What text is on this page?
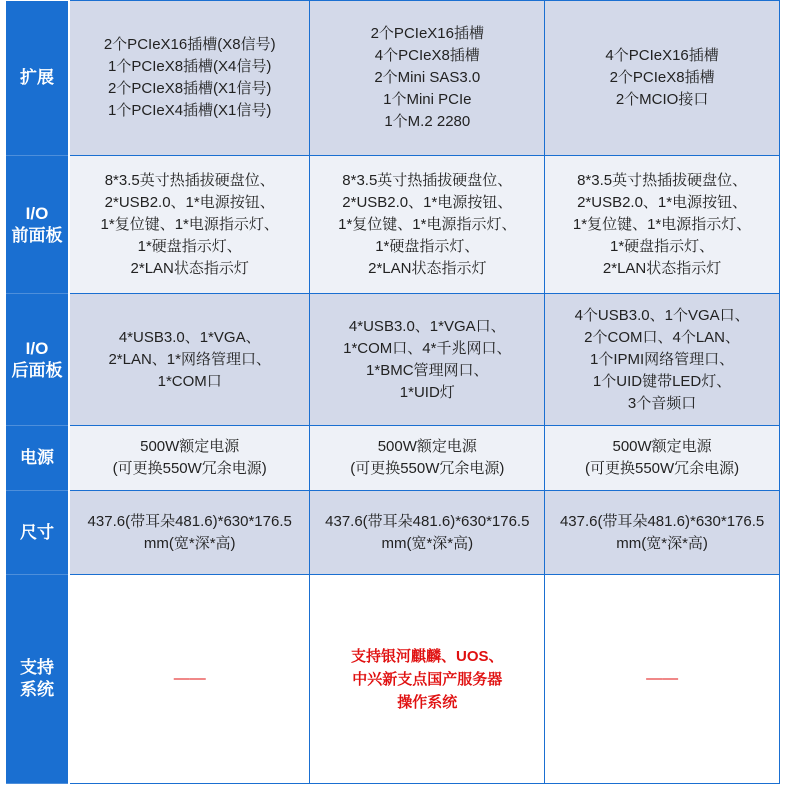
扩展	2个PCIeX16插槽(X8信号)
1个PCIeX8插槽(X4信号)
2个PCIeX8插槽(X1信号)
1个PCIeX4插槽(X1信号)	2个PCIeX16插槽
4个PCIeX8插槽
2个Mini SAS3.0
1个Mini PCIe
1个M.2 2280	4个PCIeX16插槽
2个PCIeX8插槽
2个MCIO接口

I/O
前面板	8*3.5英寸热插拔硬盘位、
2*USB2.0、1*电源按钮、
1*复位键、1*电源指示灯、
1*硬盘指示灯、
2*LAN状态指示灯	8*3.5英寸热插拔硬盘位、
2*USB2.0、1*电源按钮、
1*复位键、1*电源指示灯、
1*硬盘指示灯、
2*LAN状态指示灯	8*3.5英寸热插拔硬盘位、
2*USB2.0、1*电源按钮、
1*复位键、1*电源指示灯、
1*硬盘指示灯、
2*LAN状态指示灯

I/O
后面板	4*USB3.0、1*VGA、
2*LAN、1*网络管理口、
1*COM口	4*USB3.0、1*VGA口、
1*COM口、4*千兆网口、
1*BMC管理网口、
1*UID灯	4个USB3.0、1个VGA口、
2个COM口、4个LAN、
1个IPMI网络管理口、
1个UID键带LED灯、
3个音频口

电源	500W额定电源
(可更换550W冗余电源)	500W额定电源
(可更换550W冗余电源)	500W额定电源
(可更换550W冗余电源)

尺寸	437.6(带耳朵481.6)*630*176.5
mm(宽*深*高)	437.6(带耳朵481.6)*630*176.5
mm(宽*深*高)	437.6(带耳朵481.6)*630*176.5
mm(宽*深*高)

支持
系统	——	支持银河麒麟、UOS、
中兴新支点国产服务器
操作系统	——
